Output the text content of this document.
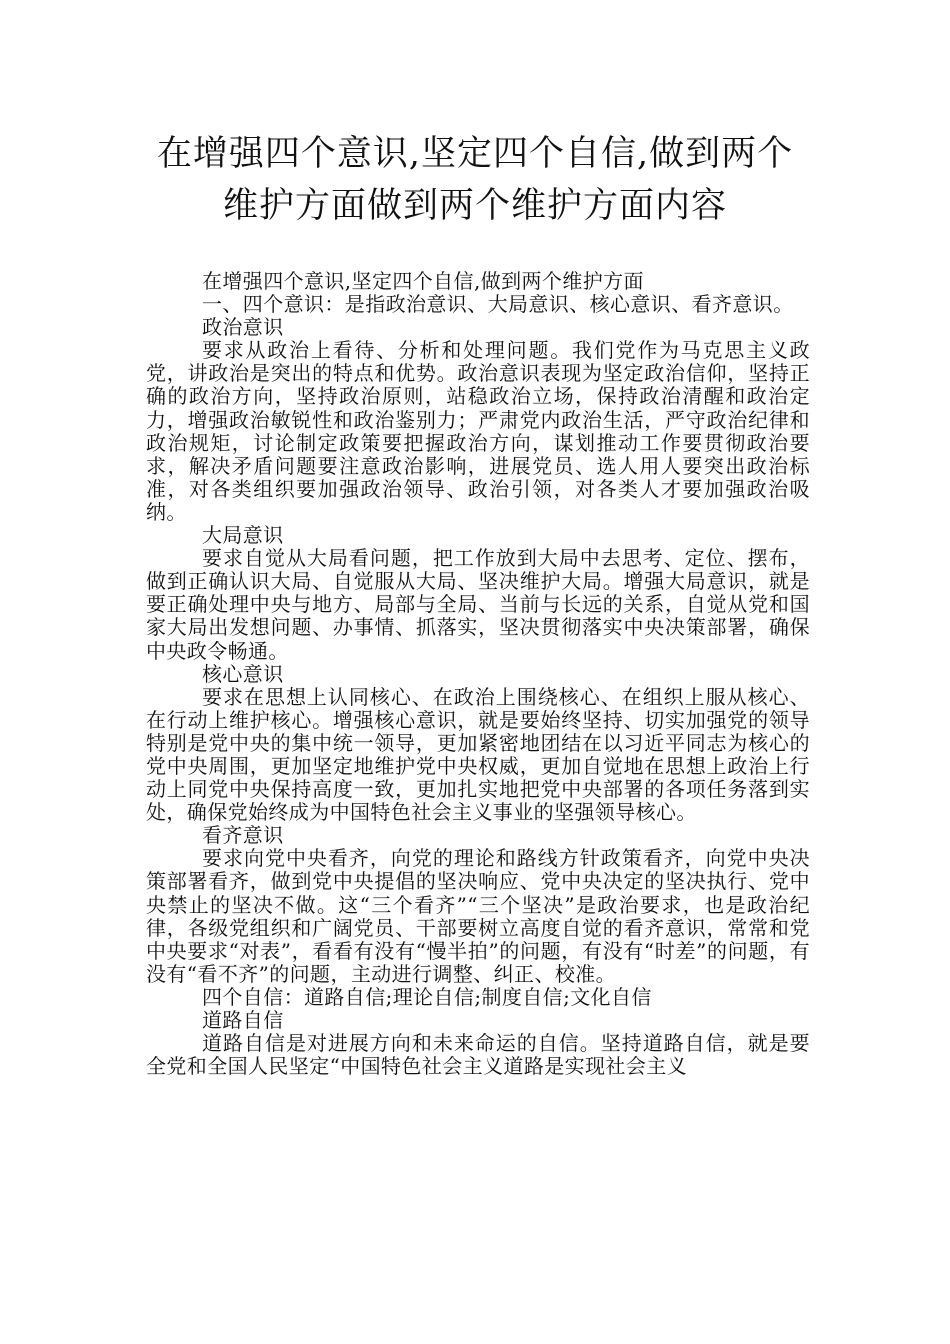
在增强四个意识,坚定四个自信,做到两个
维护方面做到两个维护方面内容

在增强四个意识,坚定四个自信,做到两个维护方面

一、四个意识：是指政治意识、大局意识、核心意识、看齐意识。

政治意识

要求从政治上看待、分析和处理问题。我们党作为马克思主义政党，讲政治是突出的特点和优势。政治意识表现为坚定政治信仰，坚持正确的政治方向，坚持政治原则，站稳政治立场，保持政治清醒和政治定力，增强政治敏锐性和政治鉴别力；严肃党内政治生活，严守政治纪律和政治规矩，讨论制定政策要把握政治方向，谋划推动工作要贯彻政治要求，解决矛盾问题要注意政治影响，进展党员、选人用人要突出政治标准，对各类组织要加强政治领导、政治引领，对各类人才要加强政治吸纳。

大局意识

要求自觉从大局看问题，把工作放到大局中去思考、定位、摆布，做到正确认识大局、自觉服从大局、坚决维护大局。增强大局意识，就是要正确处理中央与地方、局部与全局、当前与长远的关系，自觉从党和国家大局出发想问题、办事情、抓落实，坚决贯彻落实中央决策部署，确保中央政令畅通。

核心意识

要求在思想上认同核心、在政治上围绕核心、在组织上服从核心、在行动上维护核心。增强核心意识，就是要始终坚持、切实加强党的领导特别是党中央的集中统一领导，更加紧密地团结在以习近平同志为核心的党中央周围，更加坚定地维护党中央权威，更加自觉地在思想上政治上行动上同党中央保持高度一致，更加扎实地把党中央部署的各项任务落到实处，确保党始终成为中国特色社会主义事业的坚强领导核心。

看齐意识

要求向党中央看齐，向党的理论和路线方针政策看齐，向党中央决策部署看齐，做到党中央提倡的坚决响应、党中央决定的坚决执行、党中央禁止的坚决不做。这“三个看齐”“三个坚决”是政治要求，也是政治纪律，各级党组织和广阔党员、干部要树立高度自觉的看齐意识，常常和党中央要求“对表”，看看有没有“慢半拍”的问题，有没有“时差”的问题，有没有“看不齐”的问题，主动进行调整、纠正、校准。

四个自信：道路自信;理论自信;制度自信;文化自信

道路自信

道路自信是对进展方向和未来命运的自信。坚持道路自信，就是要全党和全国人民坚定“中国特色社会主义道路是实现社会主义
